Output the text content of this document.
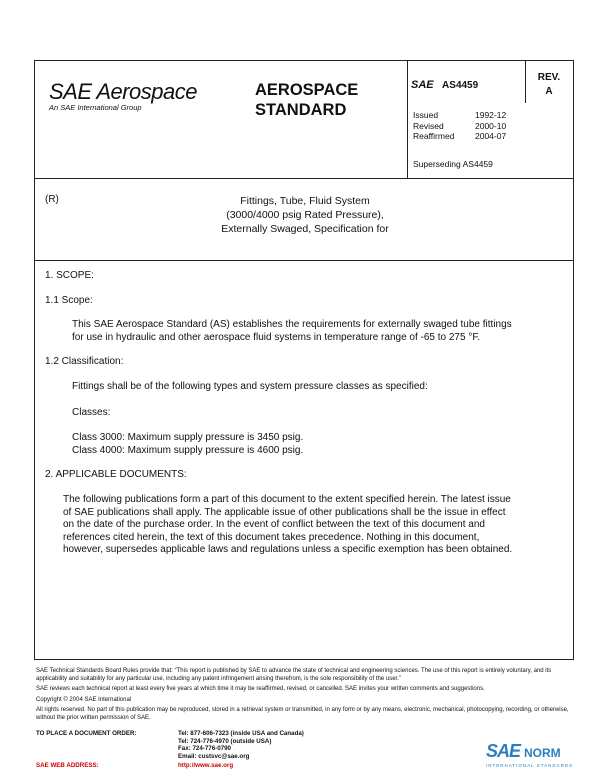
SAE Aerospace
An SAE International Group
AEROSPACE
STANDARD
SAE AS4459
REV.
A
Issued	1992-12
Revised	2000-10
Reaffirmed	2004-07
Superseding AS4459
(R)	Fittings, Tube, Fluid System
(3000/4000 psig Rated Pressure),
Externally Swaged, Specification for
1. SCOPE:
1.1 Scope:
This SAE Aerospace Standard (AS) establishes the requirements for externally swaged tube fittings
for use in hydraulic and other aerospace fluid systems in temperature range of -65 to 275 °F.
1.2 Classification:
Fittings shall be of the following types and system pressure classes as specified:
Classes:
Class 3000: Maximum supply pressure is 3450 psig.
Class 4000: Maximum supply pressure is 4600 psig.
2. APPLICABLE DOCUMENTS:
The following publications form a part of this document to the extent specified herein. The latest issue
of SAE publications shall apply. The applicable issue of other publications shall be the issue in effect
on the date of the purchase order. In the event of conflict between the text of this document and
references cited herein, the text of this document takes precedence. Nothing in this document,
however, supersedes applicable laws and regulations unless a specific exemption has been obtained.

SAE Technical Standards Board Rules provide that: “This report is published by SAE to advance the state of technical and engineering sciences. The use of this report is entirely voluntary, and its applicability and suitability for any particular use, including any patent infringement arising therefrom, is the sole responsibility of the user.”

SAE reviews each technical report at least every five years at which time it may be reaffirmed, revised, or cancelled. SAE invites your written comments and suggestions.

Copyright © 2004 SAE International

All rights reserved. No part of this publication may be reproduced, stored in a retrieval system or transmitted, in any form or by any means, electronic, mechanical, photocopying, recording, or otherwise, without the prior written permission of SAE.

TO PLACE A DOCUMENT ORDER:	Tel: 877-606-7323 (inside USA and Canada)
Tel: 724-776-4970 (outside USA)
Fax: 724-776-0790
Email: custsvc@sae.org
SAE WEB ADDRESS:	http://www.sae.org
SAE NORM
INTERNATIONAL STANDARDS
